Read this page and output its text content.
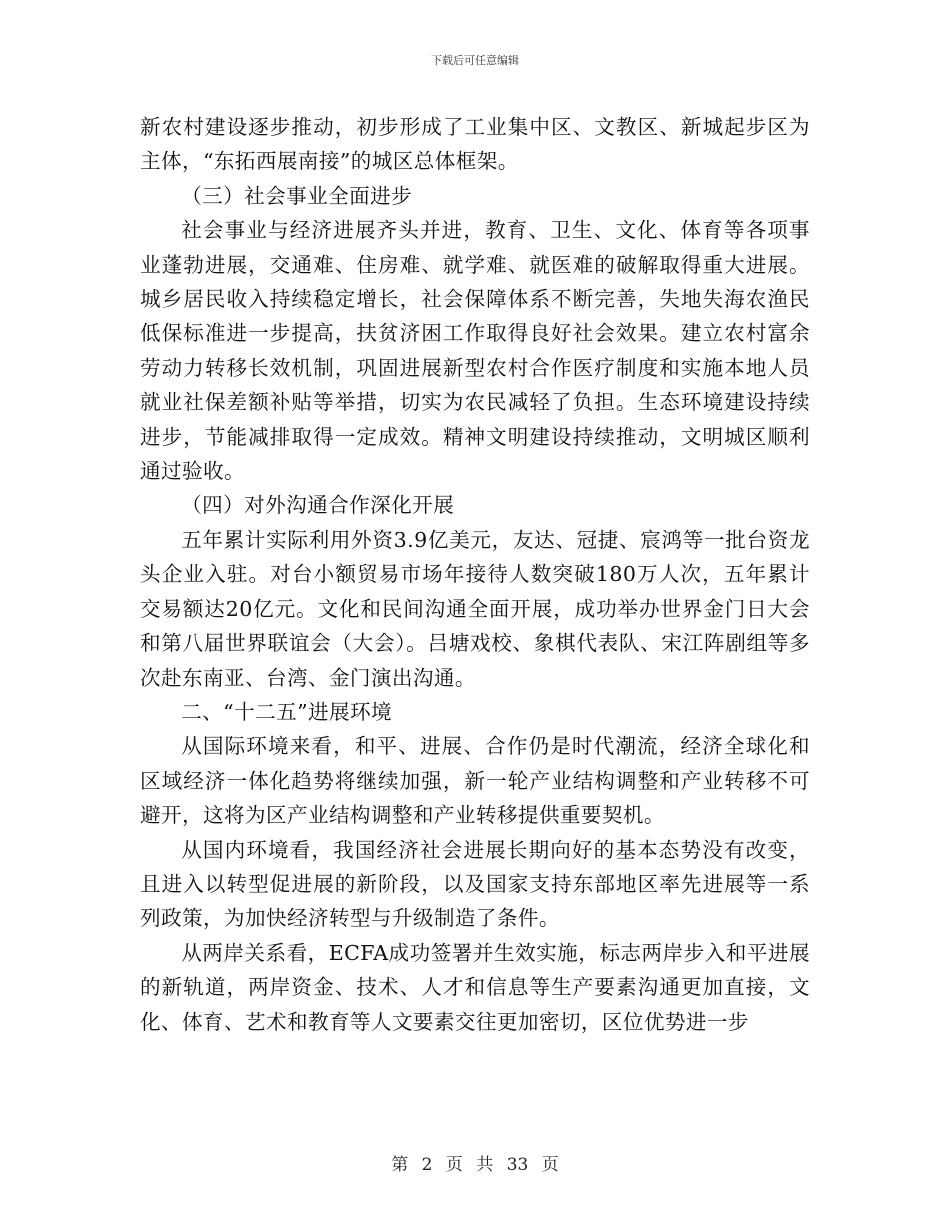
下载后可任意编辑

新农村建设逐步推动，初步形成了工业集中区、文教区、新城起步区为主体，“东拓西展南接”的城区总体框架。

（三）社会事业全面进步

社会事业与经济进展齐头并进，教育、卫生、文化、体育等各项事业蓬勃进展，交通难、住房难、就学难、就医难的破解取得重大进展。城乡居民收入持续稳定增长，社会保障体系不断完善，失地失海农渔民低保标准进一步提高，扶贫济困工作取得良好社会效果。建立农村富余劳动力转移长效机制，巩固进展新型农村合作医疗制度和实施本地人员就业社保差额补贴等举措，切实为农民减轻了负担。生态环境建设持续进步，节能减排取得一定成效。精神文明建设持续推动，文明城区顺利通过验收。

（四）对外沟通合作深化开展

五年累计实际利用外资3.9亿美元，友达、冠捷、宸鸿等一批台资龙头企业入驻。对台小额贸易市场年接待人数突破180万人次，五年累计交易额达20亿元。文化和民间沟通全面开展，成功举办世界金门日大会和第八届世界联谊会（大会）。吕塘戏校、象棋代表队、宋江阵剧组等多次赴东南亚、台湾、金门演出沟通。

二、“十二五”进展环境

从国际环境来看，和平、进展、合作仍是时代潮流，经济全球化和区域经济一体化趋势将继续加强，新一轮产业结构调整和产业转移不可避开，这将为区产业结构调整和产业转移提供重要契机。

从国内环境看，我国经济社会进展长期向好的基本态势没有改变，且进入以转型促进展的新阶段，以及国家支持东部地区率先进展等一系列政策，为加快经济转型与升级制造了条件。

从两岸关系看，ECFA成功签署并生效实施，标志两岸步入和平进展的新轨道，两岸资金、技术、人才和信息等生产要素沟通更加直接，文化、体育、艺术和教育等人文要素交往更加密切，区位优势进一步

第 2 页 共 33 页
